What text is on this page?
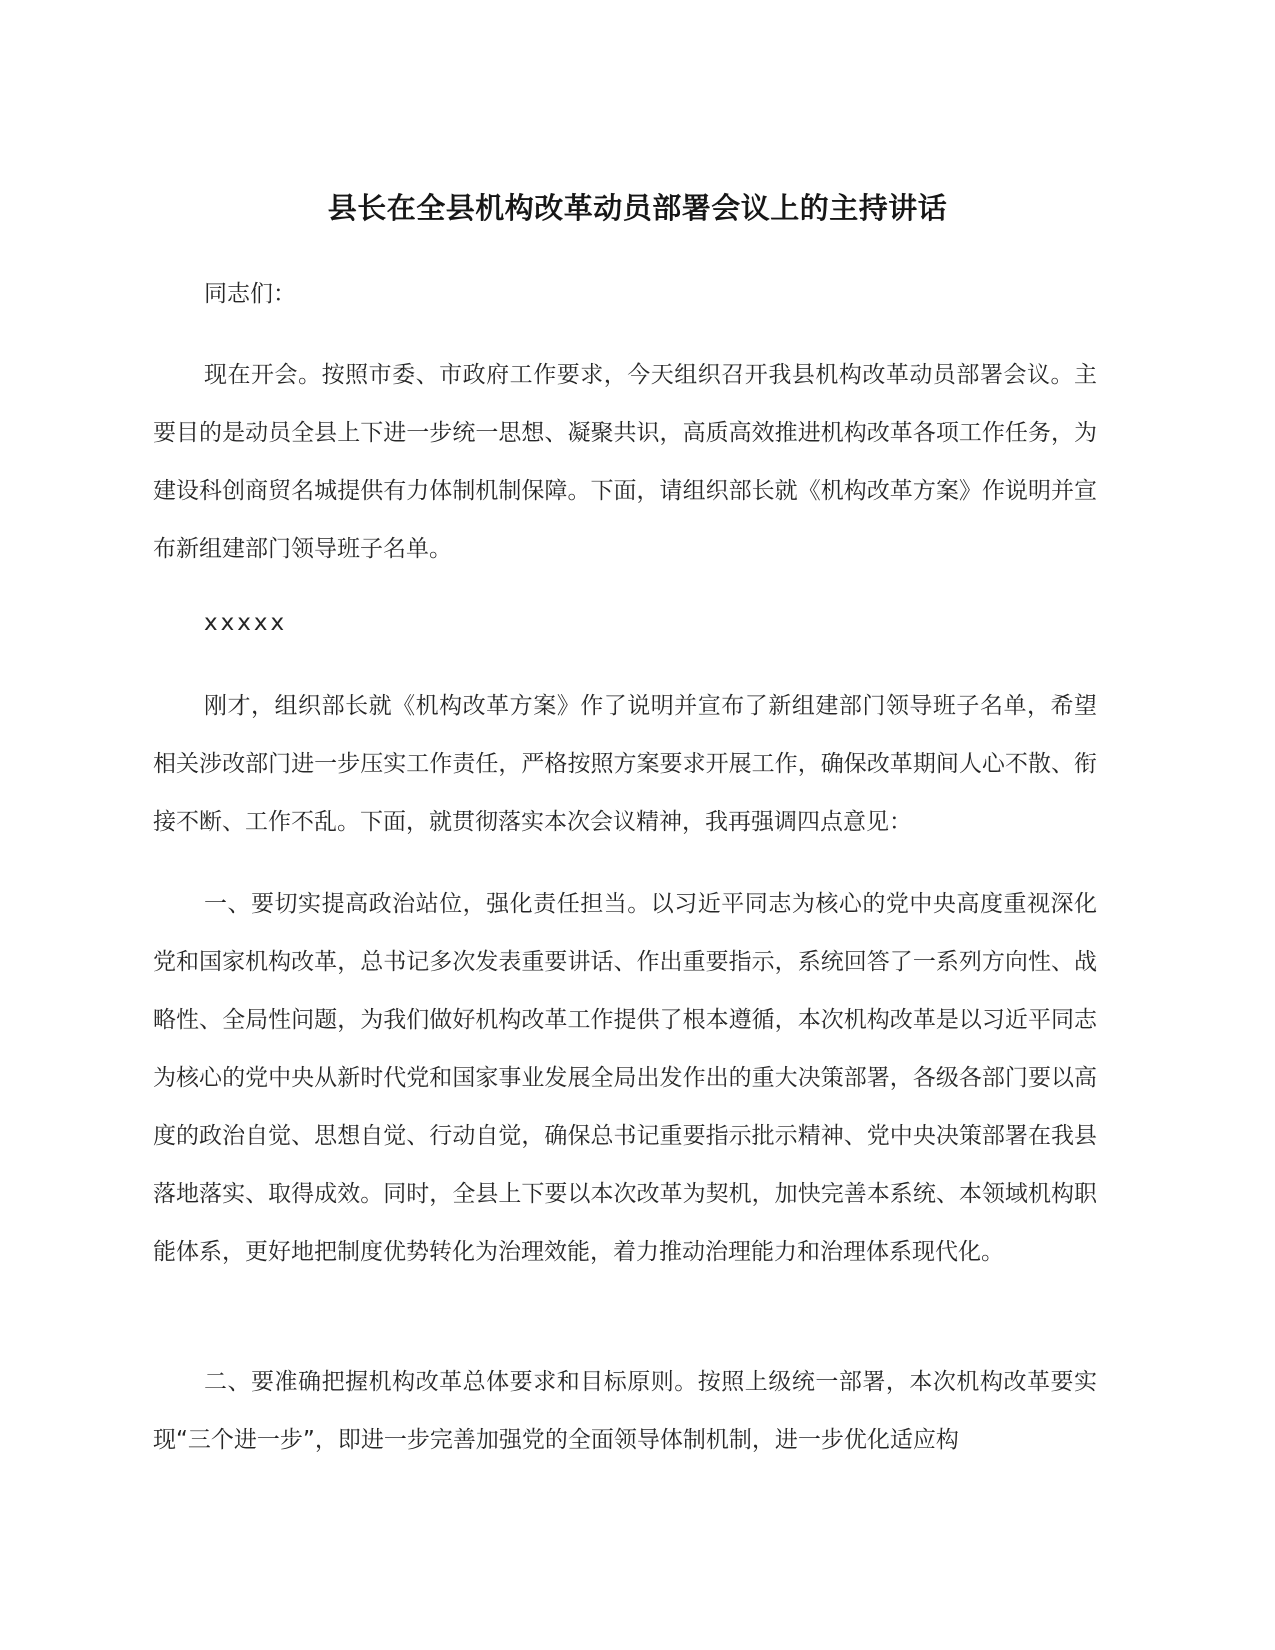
县长在全县机构改革动员部署会议上的主持讲话

同志们：

现在开会。按照市委、市政府工作要求，今天组织召开我县机构改革动员部署会议。主要目的是动员全县上下进一步统一思想、凝聚共识，高质高效推进机构改革各项工作任务，为建设科创商贸名城提供有力体制机制保障。下面，请组织部长就《机构改革方案》作说明并宣布新组建部门领导班子名单。

xxxxx

刚才，组织部长就《机构改革方案》作了说明并宣布了新组建部门领导班子名单，希望相关涉改部门进一步压实工作责任，严格按照方案要求开展工作，确保改革期间人心不散、衔接不断、工作不乱。下面，就贯彻落实本次会议精神，我再强调四点意见：

一、要切实提高政治站位，强化责任担当。以习近平同志为核心的党中央高度重视深化党和国家机构改革，总书记多次发表重要讲话、作出重要指示，系统回答了一系列方向性、战略性、全局性问题，为我们做好机构改革工作提供了根本遵循，本次机构改革是以习近平同志为核心的党中央从新时代党和国家事业发展全局出发作出的重大决策部署，各级各部门要以高度的政治自觉、思想自觉、行动自觉，确保总书记重要指示批示精神、党中央决策部署在我县落地落实、取得成效。同时，全县上下要以本次改革为契机，加快完善本系统、本领域机构职能体系，更好地把制度优势转化为治理效能，着力推动治理能力和治理体系现代化。

二、要准确把握机构改革总体要求和目标原则。按照上级统一部署，本次机构改革要实现“三个进一步”，即进一步完善加强党的全面领导体制机制，进一步优化适应构
